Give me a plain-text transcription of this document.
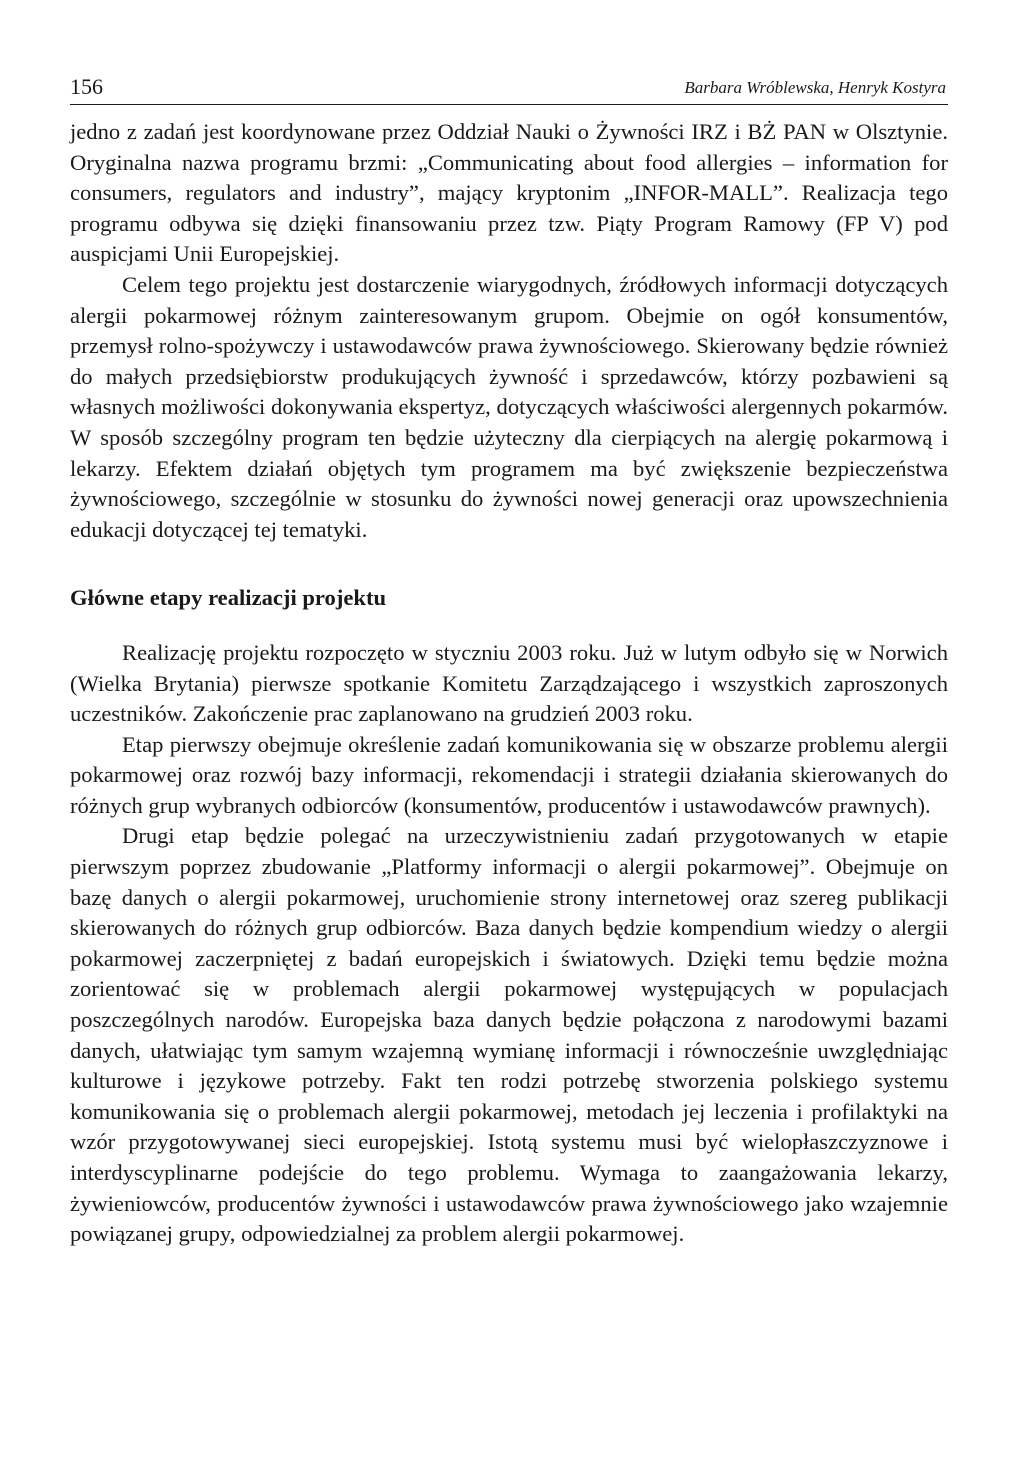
156	Barbara Wróblewska, Henryk Kostyra

jedno z zadań jest koordynowane przez Oddział Nauki o Żywności IRZ i BŻ PAN w Olsztynie. Oryginalna nazwa programu brzmi: „Communicating about food allergies – information for consumers, regulators and industry”, mający kryptonim „INFOR-MALL”. Realizacja tego programu odbywa się dzięki finansowaniu przez tzw. Piąty Program Ramowy (FP V) pod auspicjami Unii Europejskiej.

Celem tego projektu jest dostarczenie wiarygodnych, źródłowych informacji dotyczących alergii pokarmowej różnym zainteresowanym grupom. Obejmie on ogół konsumentów, przemysł rolno-spożywczy i ustawodawców prawa żywnościowego. Skierowany będzie również do małych przedsiębiorstw produkujących żywność i sprzedawców, którzy pozbawieni są własnych możliwości dokonywania ekspertyz, dotyczących właściwości alergennych pokarmów. W sposób szczególny program ten będzie użyteczny dla cierpiących na alergię pokarmową i lekarzy. Efektem działań objętych tym programem ma być zwiększenie bezpieczeństwa żywnościowego, szczególnie w stosunku do żywności nowej generacji oraz upowszechnienia edukacji dotyczącej tej tematyki.

Główne etapy realizacji projektu

Realizację projektu rozpoczęto w styczniu 2003 roku. Już w lutym odbyło się w Norwich (Wielka Brytania) pierwsze spotkanie Komitetu Zarządzającego i wszystkich zaproszonych uczestników. Zakończenie prac zaplanowano na grudzień 2003 roku.

Etap pierwszy obejmuje określenie zadań komunikowania się w obszarze problemu alergii pokarmowej oraz rozwój bazy informacji, rekomendacji i strategii działania skierowanych do różnych grup wybranych odbiorców (konsumentów, producentów i ustawodawców prawnych).

Drugi etap będzie polegać na urzeczywistnieniu zadań przygotowanych w etapie pierwszym poprzez zbudowanie „Platformy informacji o alergii pokarmowej”. Obejmuje on bazę danych o alergii pokarmowej, uruchomienie strony internetowej oraz szereg publikacji skierowanych do różnych grup odbiorców. Baza danych będzie kompendium wiedzy o alergii pokarmowej zaczerpniętej z badań europejskich i światowych. Dzięki temu będzie można zorientować się w problemach alergii pokarmowej występujących w populacjach poszczególnych narodów. Europejska baza danych będzie połączona z narodowymi bazami danych, ułatwiając tym samym wzajemną wymianę informacji i równocześnie uwzględniając kulturowe i językowe potrzeby. Fakt ten rodzi potrzebę stworzenia polskiego systemu komunikowania się o problemach alergii pokarmowej, metodach jej leczenia i profilaktyki na wzór przygotowywanej sieci europejskiej. Istotą systemu musi być wielopłaszczyznowe i interdyscyplinarne podejście do tego problemu. Wymaga to zaangażowania lekarzy, żywieniowców, producentów żywności i ustawodawców prawa żywnościowego jako wzajemnie powiązanej grupy, odpowiedzialnej za problem alergii pokarmowej.
